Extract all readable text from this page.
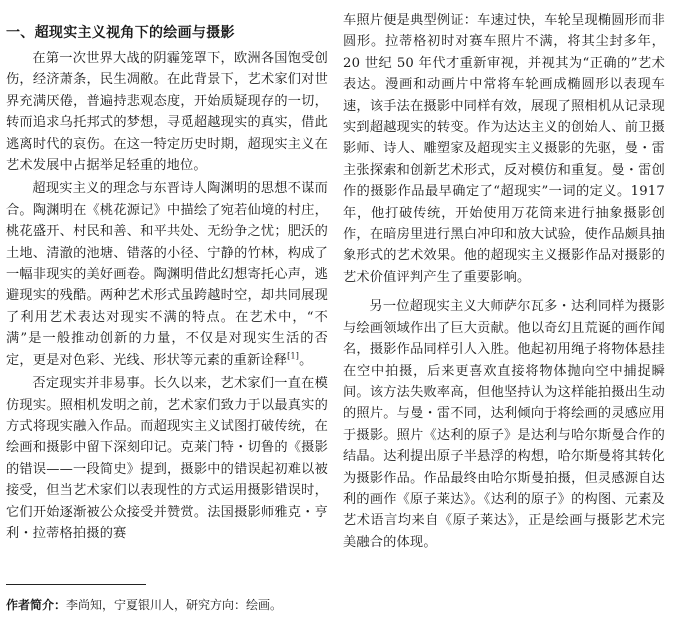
一、超现实主义视角下的绘画与摄影

在第一次世界大战的阴霾笼罩下，欧洲各国饱受创伤，经济萧条，民生凋敝。在此背景下，艺术家们对世界充满厌倦，普遍持悲观态度，开始质疑现存的一切，转而追求乌托邦式的梦想，寻觅超越现实的真实，借此逃离时代的哀伤。在这一特定历史时期，超现实主义在艺术发展中占据举足轻重的地位。

超现实主义的理念与东晋诗人陶渊明的思想不谋而合。陶渊明在《桃花源记》中描绘了宛若仙境的村庄，桃花盛开、村民和善、和平共处、无纷争之忧；肥沃的土地、清澈的池塘、错落的小径、宁静的竹林，构成了一幅非现实的美好画卷。陶渊明借此幻想寄托心声，逃避现实的残酷。两种艺术形式虽跨越时空，却共同展现了利用艺术表达对现实不满的特点。在艺术中，“不满”是一般推动创新的力量，不仅是对现实生活的否定，更是对色彩、光线、形状等元素的重新诠释[1]。

否定现实并非易事。长久以来，艺术家们一直在模仿现实。照相机发明之前，艺术家们致力于以最真实的方式将现实融入作品。而超现实主义试图打破传统，在绘画和摄影中留下深刻印记。克莱门特・切鲁的《摄影的错误——一段简史》提到，摄影中的错误起初难以被接受，但当艺术家们以表现性的方式运用摄影错误时，它们开始逐渐被公众接受并赞赏。法国摄影师雅克・亨利・拉蒂格拍摄的赛

车照片便是典型例证：车速过快，车轮呈现椭圆形而非圆形。拉蒂格初时对赛车照片不满，将其尘封多年，20 世纪 50 年代才重新审视，并视其为“正确的”艺术表达。漫画和动画片中常将车轮画成椭圆形以表现车速，该手法在摄影中同样有效，展现了照相机从记录现实到超越现实的转变。作为达达主义的创始人、前卫摄影师、诗人、雕塑家及超现实主义摄影的先驱，曼・雷主张探索和创新艺术形式，反对模仿和重复。曼・雷创作的摄影作品最早确定了“超现实”一词的定义。1917 年，他打破传统，开始使用万花筒来进行抽象摄影创作，在暗房里进行黑白冲印和放大试验，使作品颇具抽象形式的艺术效果。他的超现实主义摄影作品对摄影的艺术价值评判产生了重要影响。

另一位超现实主义大师萨尔瓦多・达利同样为摄影与绘画领域作出了巨大贡献。他以奇幻且荒诞的画作闻名，摄影作品同样引人入胜。他起初用绳子将物体悬挂在空中拍摄，后来更喜欢直接将物体抛向空中捕捉瞬间。该方法失败率高，但他坚持认为这样能拍摄出生动的照片。与曼・雷不同，达利倾向于将绘画的灵感应用于摄影。照片《达利的原子》是达利与哈尔斯曼合作的结晶。达利提出原子半悬浮的构想，哈尔斯曼将其转化为摄影作品。作品最终由哈尔斯曼拍摄，但灵感源自达利的画作《原子莱达》。《达利的原子》的构图、元素及艺术语言均来自《原子莱达》，正是绘画与摄影艺术完美融合的体现。

作者简介：李尚知，宁夏银川人，研究方向：绘画。
